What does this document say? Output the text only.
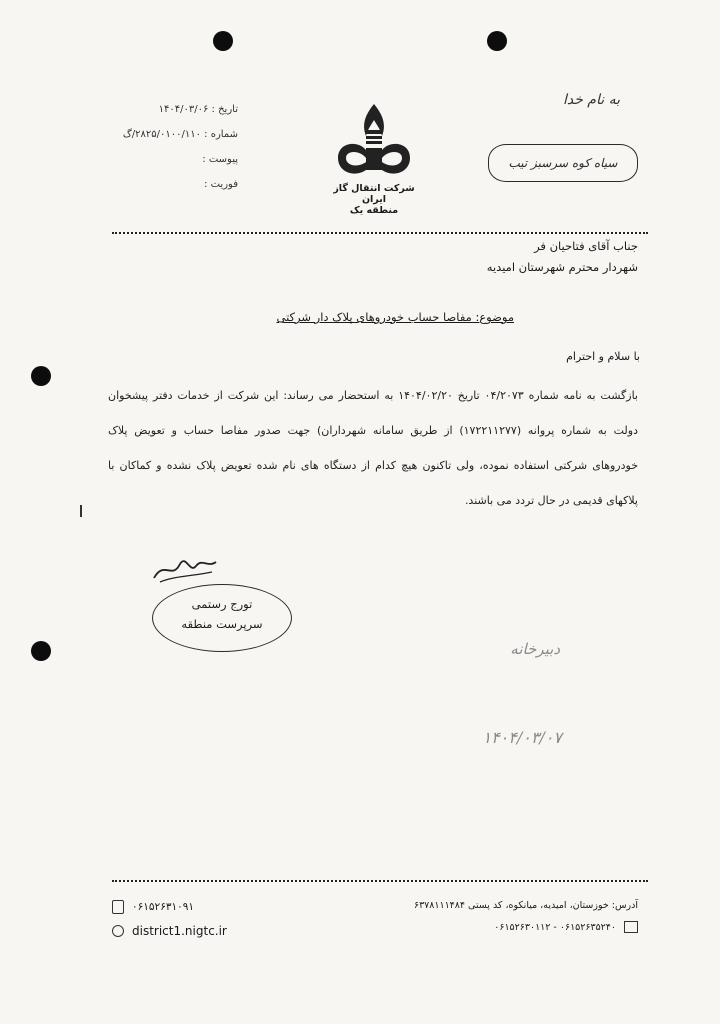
تاریخ : ۱۴۰۴/۰۳/۰۶
شماره : ۲۸۲۵/۰۱۰۰/۱۱۰/گ
پیوست :
فوریت :	شرکت انتقال گاز ایران
منطقه یک
به نام خدا
سیاه کوه سرسبز تیب
جناب آقای فتاحیان فر
شهردار محترم شهرستان امیدیه
موضوع: مفاصا حساب خودروهای پلاک دار شرکتی
با سلام و احترام
بازگشت به نامه شماره ۰۴/۲۰۷۳ تاریخ ۱۴۰۴/۰۲/۲۰ به استحضار می رساند: این شرکت از خدمات دفتر پیشخوان دولت به شماره پروانه (۱۷۲۲۱۱۲۷۷) از طریق سامانه شهرداران) جهت صدور مفاصا حساب و تعویض پلاک خودروهای شرکتی استفاده نموده، ولی تاکنون هیچ کدام از دستگاه های نام شده تعویض پلاک نشده و کماکان با پلاکهای قدیمی در حال تردد می باشند.
تورج رستمی
سرپرست منطقه
دبیرخانه
۱۴۰۴/۰۳/۰۷
۰۶۱۵۲۶۳۱۰۹۱
district1.nigtc.ir
آدرس: خوزستان، امیدیه، میانکوه، کد پستی ۶۳۷۸۱۱۱۴۸۴
۰۶۱۵۲۶۳۵۲۴۰ - ۰۶۱۵۲۶۳۰۱۱۲
